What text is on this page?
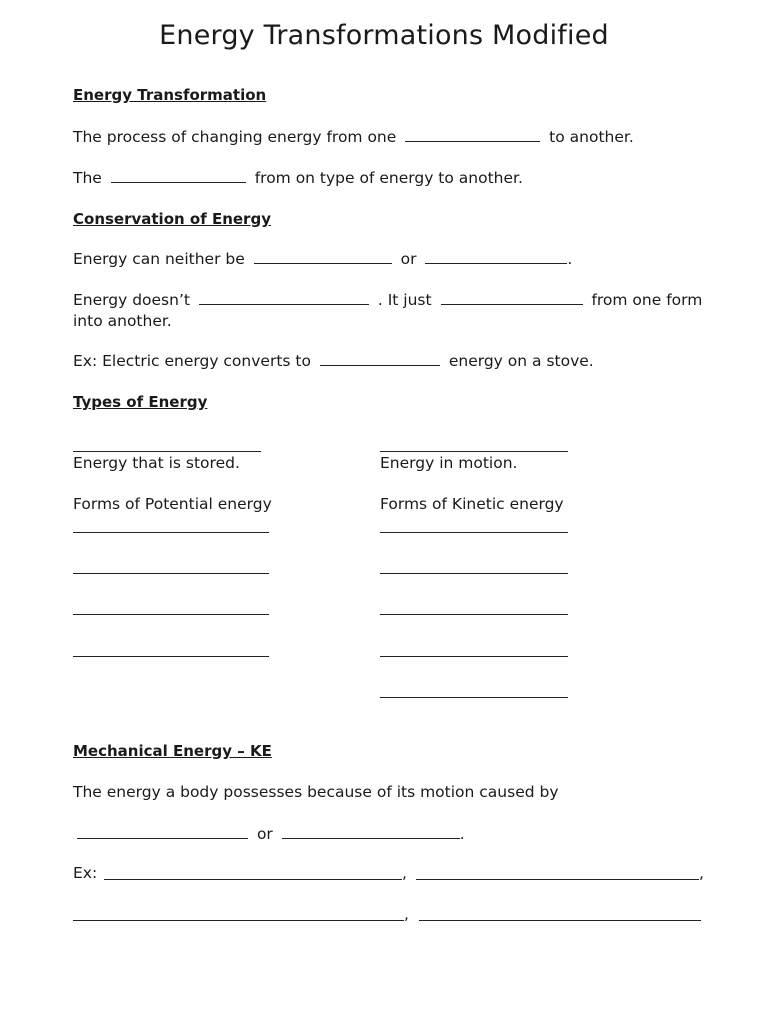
Energy Transformations Modified
Energy Transformation
The process of changing energy from one	to another.
The	from on type of energy to another.
Conservation of Energy
Energy can neither be	or	.
Energy doesn’t	. It just	from one form
into another.
Ex: Electric energy converts to	energy on a stove.
Types of Energy
Energy that is stored.	Energy in motion.
Forms of Potential energy	Forms of Kinetic energy
Mechanical Energy – KE
The energy a body possesses because of its motion caused by
or	.
Ex:	,	,
,
